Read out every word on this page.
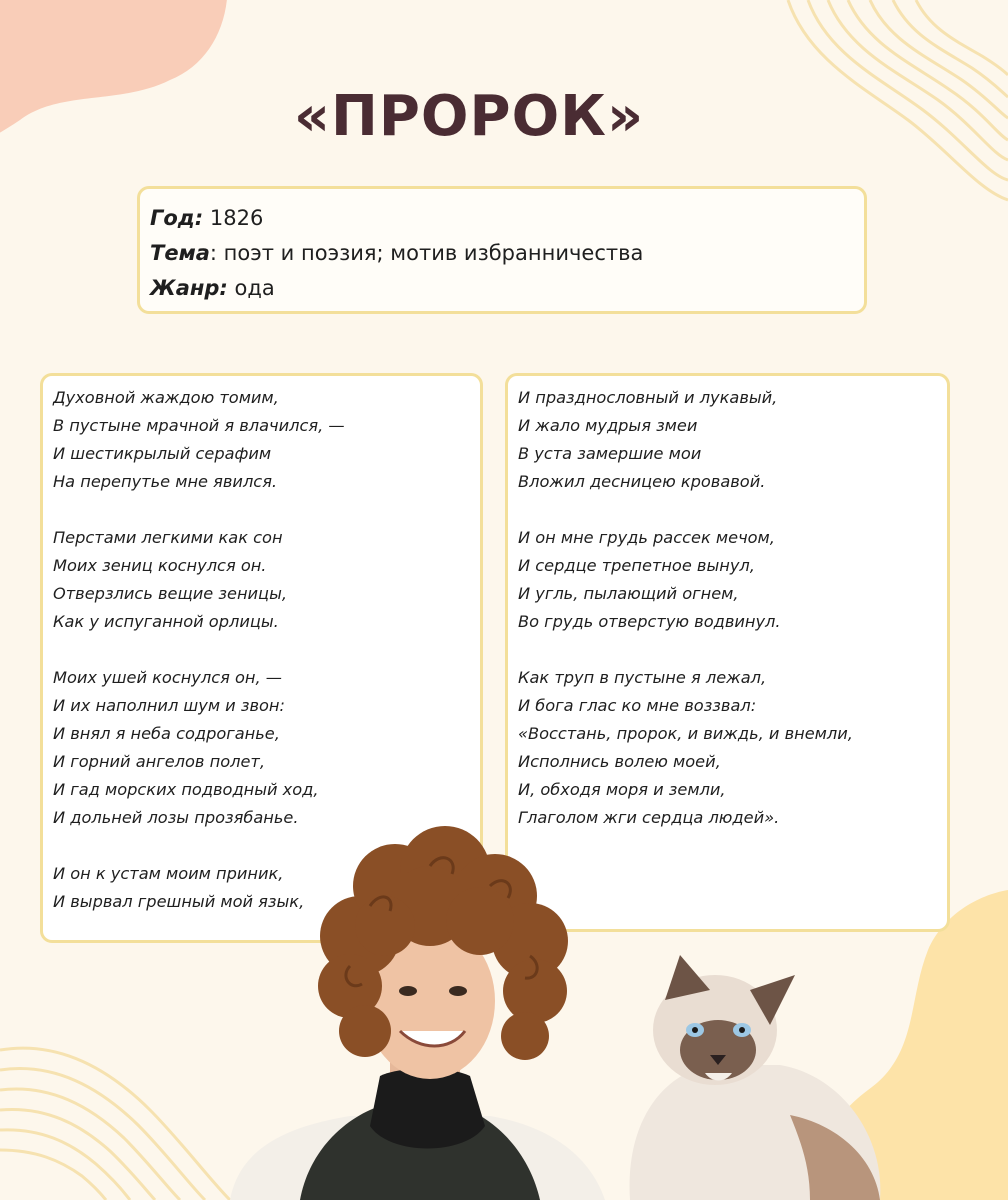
«ПРОРОК»
Год: 1826
Тема: поэт и поэзия; мотив избранничества
Жанр: ода
Духовной жаждою томим,
В пустыне мрачной я влачился, —
И шестикрылый серафим
На перепутье мне явился.
Перстами легкими как сон
Моих зениц коснулся он.
Отверзлись вещие зеницы,
Как у испуганной орлицы.
Моих ушей коснулся он, —
И их наполнил шум и звон:
И внял я неба содроганье,
И горний ангелов полет,
И гад морских подводный ход,
И дольней лозы прозябанье.
И он к устам моим приник,
И вырвал грешный мой язык,
И празднословный и лукавый,
И жало мудрыя змеи
В уста замершие мои
Вложил десницею кровавой.
И он мне грудь рассек мечом,
И сердце трепетное вынул,
И угль, пылающий огнем,
Во грудь отверстую водвинул.
Как труп в пустыне я лежал,
И бога глас ко мне воззвал:
«Восстань, пророк, и виждь, и внемли,
Исполнись волею моей,
И, обходя моря и земли,
Глаголом жги сердца людей».
